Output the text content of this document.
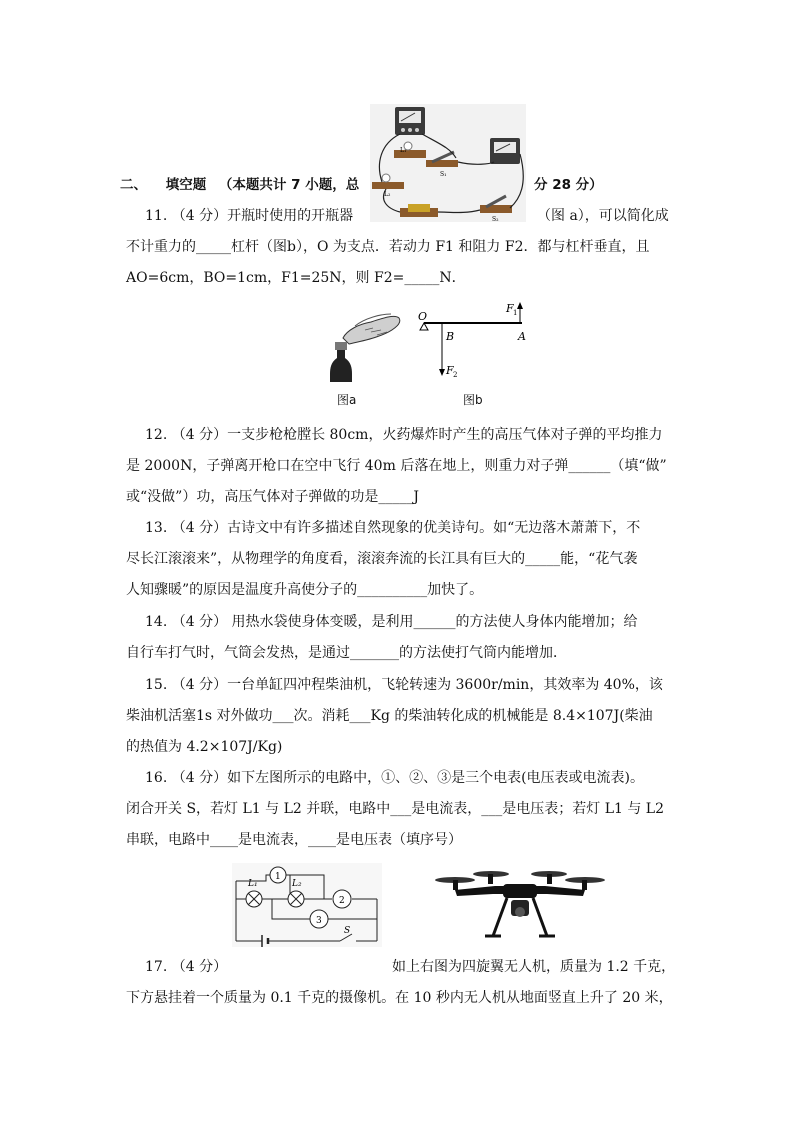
L₁
L₂
S₁
S₂
二、 填空题 （本题共计 7 小题，总	分 28 分）
11. （4 分）开瓶时使用的开瓶器	（图 a），可以简化成
不计重力的_____杠杆（图b），O 为支点．若动力 F1 和阻力 F2．都与杠杆垂直，且
AO=6cm，BO=1cm，F1=25N，则 F2=_____N．
图a
O
B	A
F 1
F 2
图b
12. （4 分）一支步枪枪膛长 80cm，火药爆炸时产生的高压气体对子弹的平均推力
是 2000N，子弹离开枪口在空中飞行 40m 后落在地上，则重力对子弹______（填“做”
或“没做”）功，高压气体对子弹做的功是_____J
13. （4 分）古诗文中有许多描述自然现象的优美诗句。如“无边落木萧萧下，不
尽长江滚滚来”，从物理学的角度看，滚滚奔流的长江具有巨大的_____能，“花气袭
人知骤暖”的原因是温度升高使分子的__________加快了。
14. （4 分） 用热水袋使身体变暖，是利用______的方法使人身体内能增加；给
自行车打气时，气筒会发热，是通过_______的方法使打气筒内能增加．
15. （4 分）一台单缸四冲程柴油机，飞轮转速为 3600r/min，其效率为 40%，该
柴油机活塞1s 对外做功___次。消耗___Kg 的柴油转化成的机械能是 8.4×107J(柴油
的热值为 4.2×107J/Kg)
16. （4 分）如下左图所示的电路中，①、②、③是三个电表(电压表或电流表)。
闭合开关 S，若灯 L1 与 L2 并联，电路中___是电流表，___是电压表；若灯 L1 与 L2
串联，电路中____是电流表，____是电压表（填序号）
L₁	L₂
1
2
3
S
17. （4 分）	如上右图为四旋翼无人机，质量为 1.2 千克，
下方悬挂着一个质量为 0.1 千克的摄像机。在 10 秒内无人机从地面竖直上升了 20 米，
